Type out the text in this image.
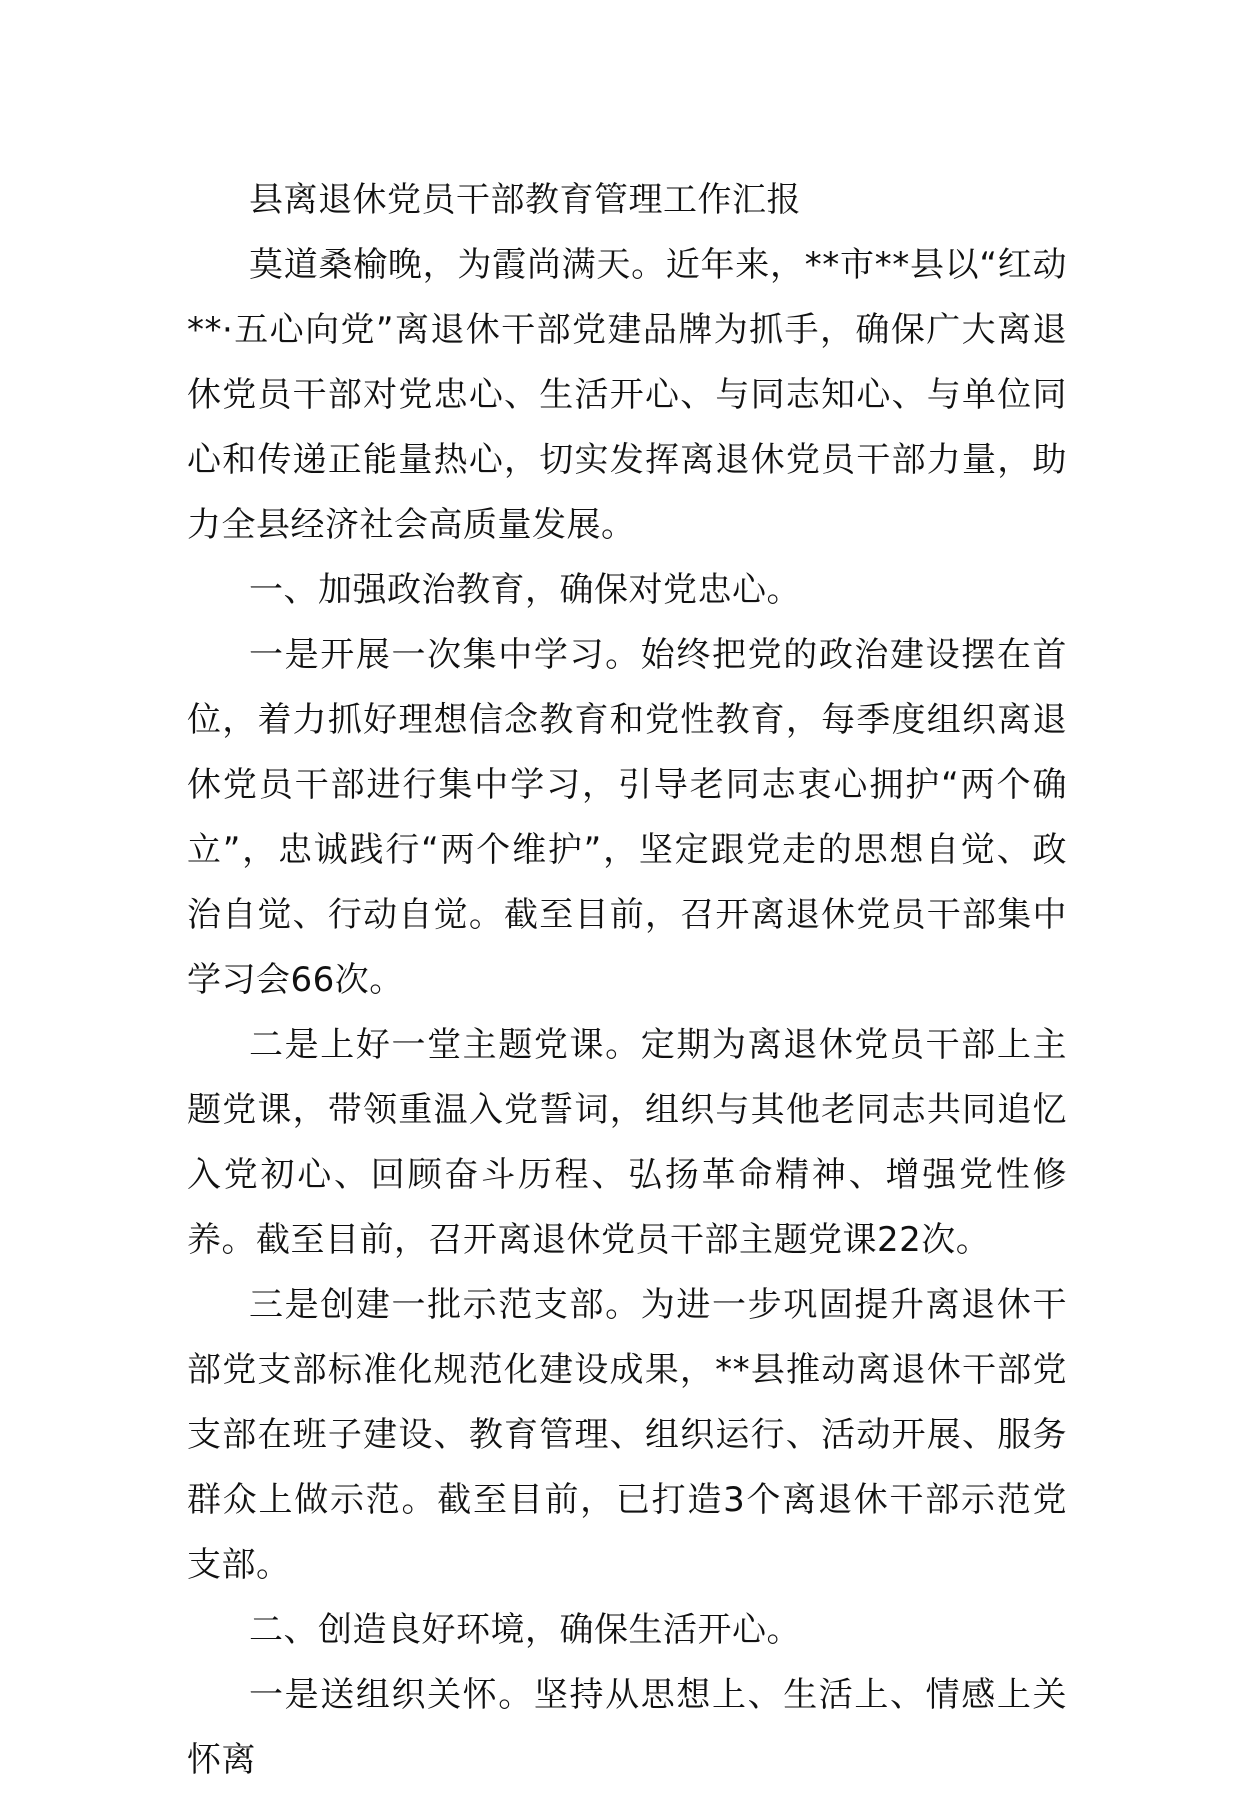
县离退休党员干部教育管理工作汇报

莫道桑榆晚，为霞尚满天。近年来，**市**县以“红动**·五心向党”离退休干部党建品牌为抓手，确保广大离退休党员干部对党忠心、生活开心、与同志知心、与单位同心和传递正能量热心，切实发挥离退休党员干部力量，助力全县经济社会高质量发展。

一、加强政治教育，确保对党忠心。

一是开展一次集中学习。始终把党的政治建设摆在首位，着力抓好理想信念教育和党性教育，每季度组织离退休党员干部进行集中学习，引导老同志衷心拥护“两个确立”，忠诚践行“两个维护”，坚定跟党走的思想自觉、政治自觉、行动自觉。截至目前，召开离退休党员干部集中学习会66次。

二是上好一堂主题党课。定期为离退休党员干部上主题党课，带领重温入党誓词，组织与其他老同志共同追忆入党初心、回顾奋斗历程、弘扬革命精神、增强党性修养。截至目前，召开离退休党员干部主题党课22次。

三是创建一批示范支部。为进一步巩固提升离退休干部党支部标准化规范化建设成果，**县推动离退休干部党支部在班子建设、教育管理、组织运行、活动开展、服务群众上做示范。截至目前，已打造3个离退休干部示范党支部。

二、创造良好环境，确保生活开心。

一是送组织关怀。坚持从思想上、生活上、情感上关怀离
